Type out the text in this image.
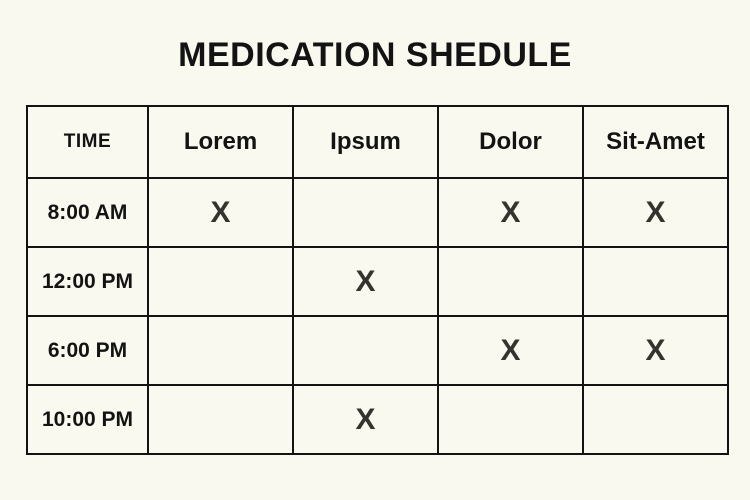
MEDICATION SHEDULE
TIME	Lorem	Ipsum	Dolor	Sit-Amet
8:00 AM	X		X	X
12:00 PM		X		
6:00 PM			X	X
10:00 PM		X		
